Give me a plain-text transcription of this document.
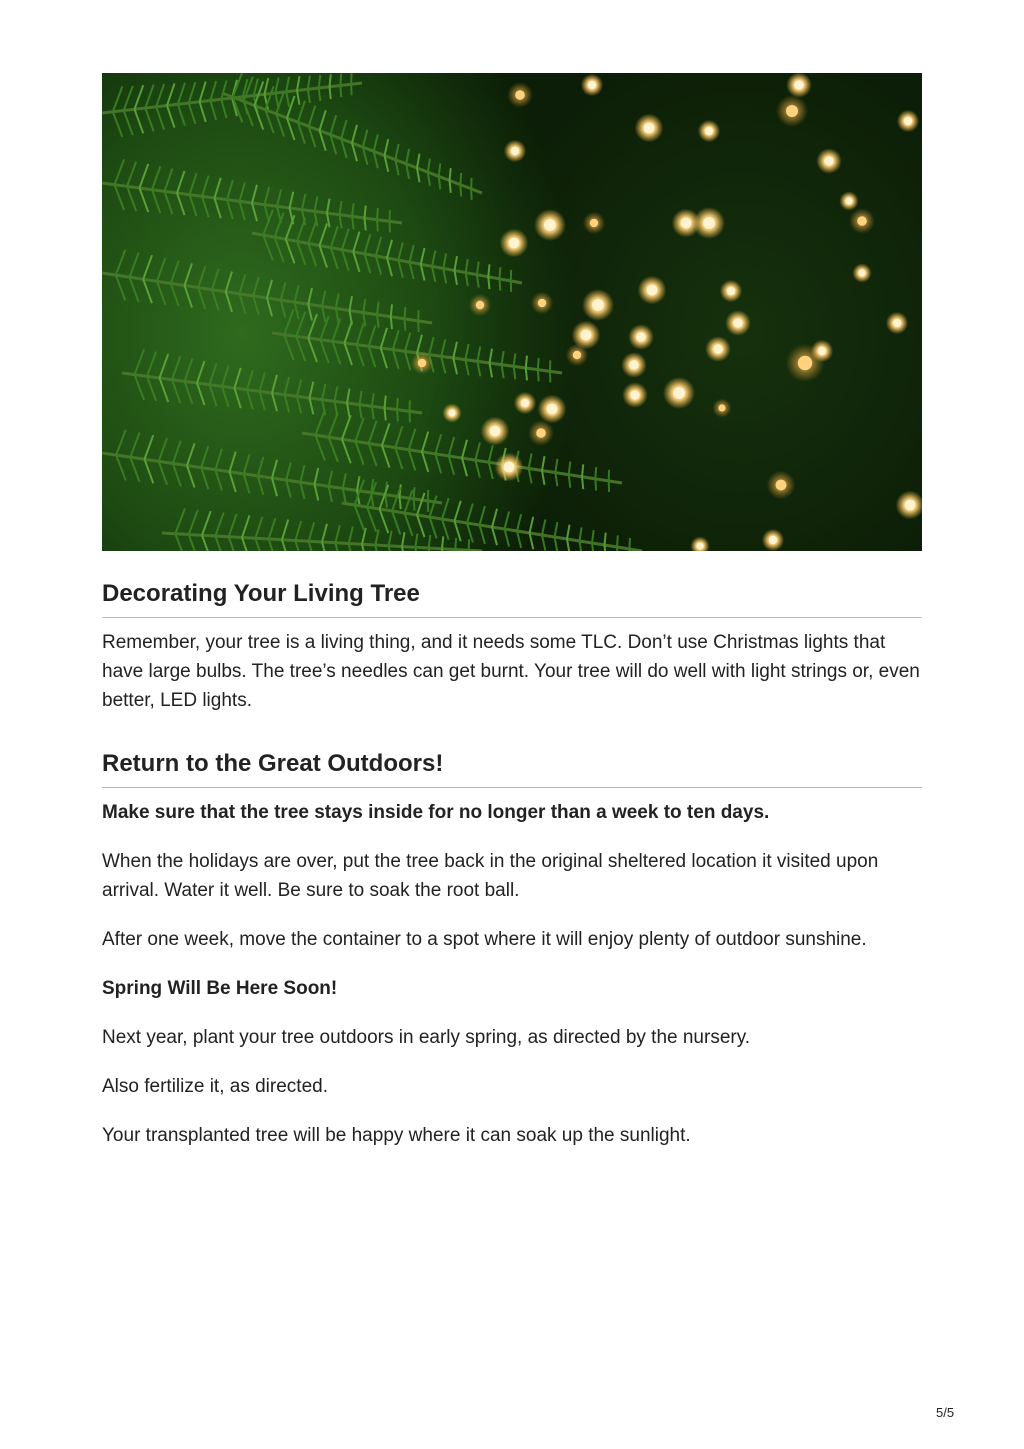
Decorating Your Living Tree

Remember, your tree is a living thing, and it needs some TLC. Don’t use Christmas lights that have large bulbs. The tree’s needles can get burnt. Your tree will do well with light strings or, even better, LED lights.

Return to the Great Outdoors!

Make sure that the tree stays inside for no longer than a week to ten days.

When the holidays are over, put the tree back in the original sheltered location it visited upon arrival. Water it well. Be sure to soak the root ball.

After one week, move the container to a spot where it will enjoy plenty of outdoor sunshine.

Spring Will Be Here Soon!

Next year, plant your tree outdoors in early spring, as directed by the nursery.

Also fertilize it, as directed.

Your transplanted tree will be happy where it can soak up the sunlight.

5/5
